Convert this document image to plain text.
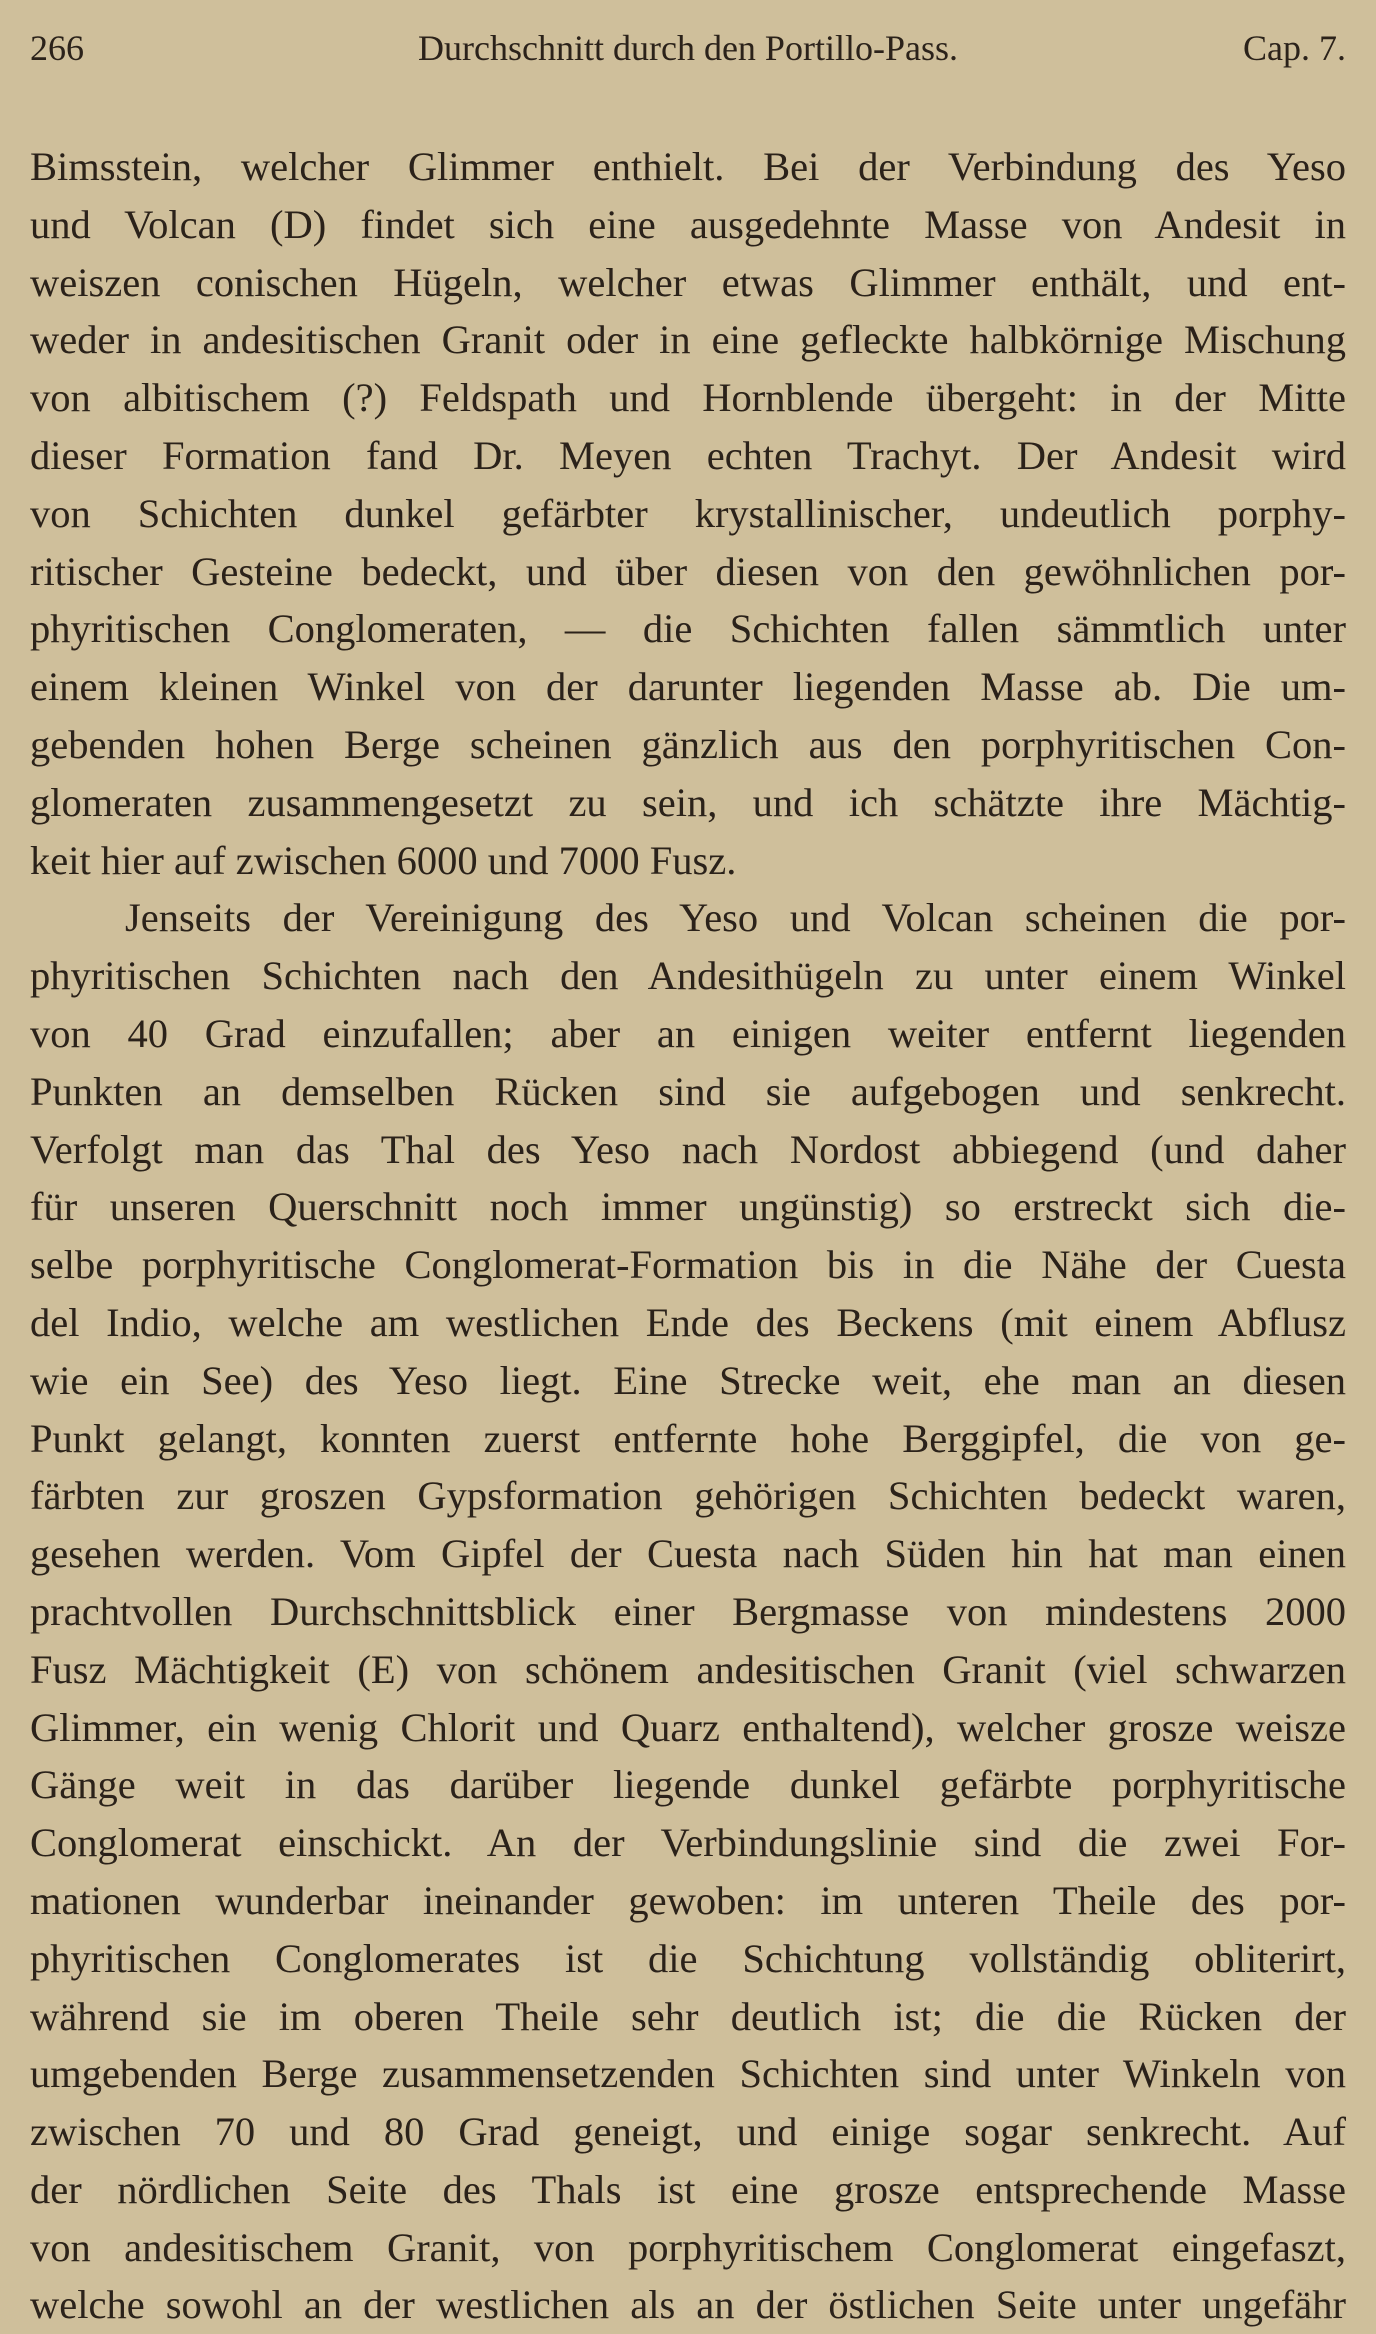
266	Durchschnitt durch den Portillo-Pass.	Cap. 7.
Bimsstein, welcher Glimmer enthielt. Bei der Verbindung des Yeso
und Volcan (D) findet sich eine ausgedehnte Masse von Andesit in
weiszen conischen Hügeln, welcher etwas Glimmer enthält, und ent-
weder in andesitischen Granit oder in eine gefleckte halbkörnige Mischung
von albitischem (?) Feldspath und Hornblende übergeht: in der Mitte
dieser Formation fand Dr. Meyen echten Trachyt. Der Andesit wird
von Schichten dunkel gefärbter krystallinischer, undeutlich porphy-
ritischer Gesteine bedeckt, und über diesen von den gewöhnlichen por-
phyritischen Conglomeraten, — die Schichten fallen sämmtlich unter
einem kleinen Winkel von der darunter liegenden Masse ab. Die um-
gebenden hohen Berge scheinen gänzlich aus den porphyritischen Con-
glomeraten zusammengesetzt zu sein, und ich schätzte ihre Mächtig-
keit hier auf zwischen 6000 und 7000 Fusz.
Jenseits der Vereinigung des Yeso und Volcan scheinen die por-
phyritischen Schichten nach den Andesithügeln zu unter einem Winkel
von 40 Grad einzufallen; aber an einigen weiter entfernt liegenden
Punkten an demselben Rücken sind sie aufgebogen und senkrecht.
Verfolgt man das Thal des Yeso nach Nordost abbiegend (und daher
für unseren Querschnitt noch immer ungünstig) so erstreckt sich die-
selbe porphyritische Conglomerat-Formation bis in die Nähe der Cuesta
del Indio, welche am westlichen Ende des Beckens (mit einem Abflusz
wie ein See) des Yeso liegt. Eine Strecke weit, ehe man an diesen
Punkt gelangt, konnten zuerst entfernte hohe Berggipfel, die von ge-
färbten zur groszen Gypsformation gehörigen Schichten bedeckt waren,
gesehen werden. Vom Gipfel der Cuesta nach Süden hin hat man einen
prachtvollen Durchschnittsblick einer Bergmasse von mindestens 2000
Fusz Mächtigkeit (E) von schönem andesitischen Granit (viel schwarzen
Glimmer, ein wenig Chlorit und Quarz enthaltend), welcher grosze weisze
Gänge weit in das darüber liegende dunkel gefärbte porphyritische
Conglomerat einschickt. An der Verbindungslinie sind die zwei For-
mationen wunderbar ineinander gewoben: im unteren Theile des por-
phyritischen Conglomerates ist die Schichtung vollständig obliterirt,
während sie im oberen Theile sehr deutlich ist; die die Rücken der
umgebenden Berge zusammensetzenden Schichten sind unter Winkeln von
zwischen 70 und 80 Grad geneigt, und einige sogar senkrecht. Auf
der nördlichen Seite des Thals ist eine grosze entsprechende Masse
von andesitischem Granit, von porphyritischem Conglomerat eingefaszt,
welche sowohl an der westlichen als an der östlichen Seite unter ungefähr
